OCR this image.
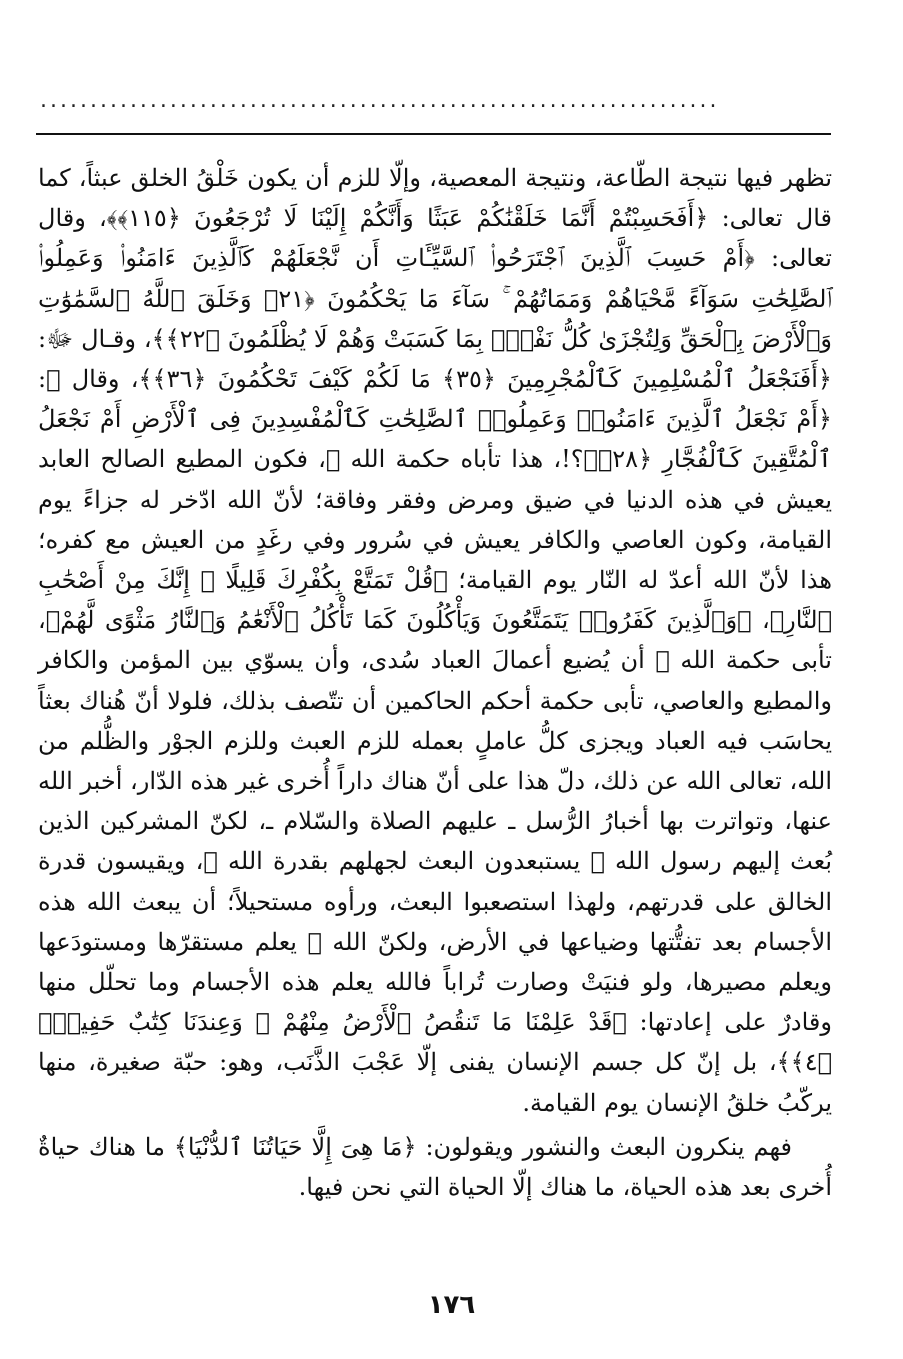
....................................................................

تظهر فيها نتيجة الطّاعة، ونتيجة المعصية، وإلّا للزم أن يكون خَلْقُ الخلق عبثاً، كما قال تعالى: ﴿أَفَحَسِبْتُمْ أَنَّمَا خَلَقْنَٰكُمْ عَبَثًا وَأَنَّكُمْ إِلَيْنَا لَا تُرْجَعُونَ ﴿١١٥﴾﴾، وقال تعالى: ﴿أَمْ حَسِبَ ٱلَّذِينَ ٱجْتَرَحُوا۟ ٱلسَّيِّـَٔاتِ أَن نَّجْعَلَهُمْ كَٱلَّذِينَ ءَامَنُوا۟ وَعَمِلُوا۟ ٱلصَّٰلِحَٰتِ سَوَآءً مَّحْيَاهُمْ وَمَمَاتُهُمْ ۚ سَآءَ مَا يَحْكُمُونَ ﴿٢١﴾ وَخَلَقَ ٱللَّهُ ٱلسَّمَٰوَٰتِ وَٱلْأَرْضَ بِٱلْحَقِّ وَلِتُجْزَىٰ كُلُّ نَفْسٍۭ بِمَا كَسَبَتْ وَهُمْ لَا يُظْلَمُونَ ﴿٢٢﴾﴾، وقـال ﷻ: ﴿أَفَنَجْعَلُ ٱلْمُسْلِمِينَ كَٱلْمُجْرِمِينَ ﴿٣٥﴾ مَا لَكُمْ كَيْفَ تَحْكُمُونَ ﴿٣٦﴾﴾، وقال ﷻ: ﴿أَمْ نَجْعَلُ ٱلَّذِينَ ءَامَنُوا۟ وَعَمِلُوا۟ ٱلصَّٰلِحَٰتِ كَٱلْمُفْسِدِينَ فِى ٱلْأَرْضِ أَمْ نَجْعَلُ ٱلْمُتَّقِينَ كَٱلْفُجَّارِ ﴿٢٨﴾﴾؟!، هذا تأباه حكمة الله ﷻ، فكون المطيع الصالح العابد يعيش في هذه الدنيا في ضيق ومرض وفقر وفاقة؛ لأنّ الله ادّخر له جزاءً يوم القيامة، وكون العاصي والكافر يعيش في سُرور وفي رغَدٍ من العيش مع كفره؛ هذا لأنّ الله أعدّ له النّار يوم القيامة؛ ﴿قُلْ تَمَتَّعْ بِكُفْرِكَ قَلِيلًا ۖ إِنَّكَ مِنْ أَصْحَٰبِ ٱلنَّارِ﴾، ﴿وَٱلَّذِينَ كَفَرُوا۟ يَتَمَتَّعُونَ وَيَأْكُلُونَ كَمَا تَأْكُلُ ٱلْأَنْعَٰمُ وَٱلنَّارُ مَثْوًى لَّهُمْ﴾، تأبى حكمة الله ﷻ أن يُضيع أعمالَ العباد سُدى، وأن يسوّي بين المؤمن والكافر والمطيع والعاصي، تأبى حكمة أحكم الحاكمين أن تتّصف بذلك، فلولا أنّ هُناك بعثاً يحاسَب فيه العباد ويجزى كلُّ عاملٍ بعمله للزم العبث وللزم الجوْر والظُّلم من الله، تعالى الله عن ذلك، دلّ هذا على أنّ هناك داراً أُخرى غير هذه الدّار، أخبر الله عنها، وتواترت بها أخبارُ الرُّسل ـ عليهم الصلاة والسّلام ـ، لكنّ المشركين الذين بُعث إليهم رسول الله ﷺ يستبعدون البعث لجهلهم بقدرة الله ﷻ، ويقيسون قدرة الخالق على قدرتهم، ولهذا استصعبوا البعث، ورأوه مستحيلاً؛ أن يبعث الله هذه الأجسام بعد تفتُّتها وضياعها في الأرض، ولكنّ الله ﷻ يعلم مستقرّها ومستودَعها ويعلم مصيرها، ولو فنيَتْ وصارت تُراباً فالله يعلم هذه الأجسام وما تحلّل منها وقادرٌ على إعادتها: ﴿قَدْ عَلِمْنَا مَا تَنقُصُ ٱلْأَرْضُ مِنْهُمْ ۖ وَعِندَنَا كِتَٰبٌ حَفِيظٌۢ ﴿٤﴾﴾، بل إنّ كل جسم الإنسان يفنى إلّا عَجْبَ الذَّنَب، وهو: حبّة صغيرة، منها يركّبُ خلقُ الإنسان يوم القيامة.

فهم ينكرون البعث والنشور ويقولون: ﴿مَا هِىَ إِلَّا حَيَاتُنَا ٱلدُّنْيَا﴾ ما هناك حياةٌ أُخرى بعد هذه الحياة، ما هناك إلّا الحياة التي نحن فيها.

١٧٦
